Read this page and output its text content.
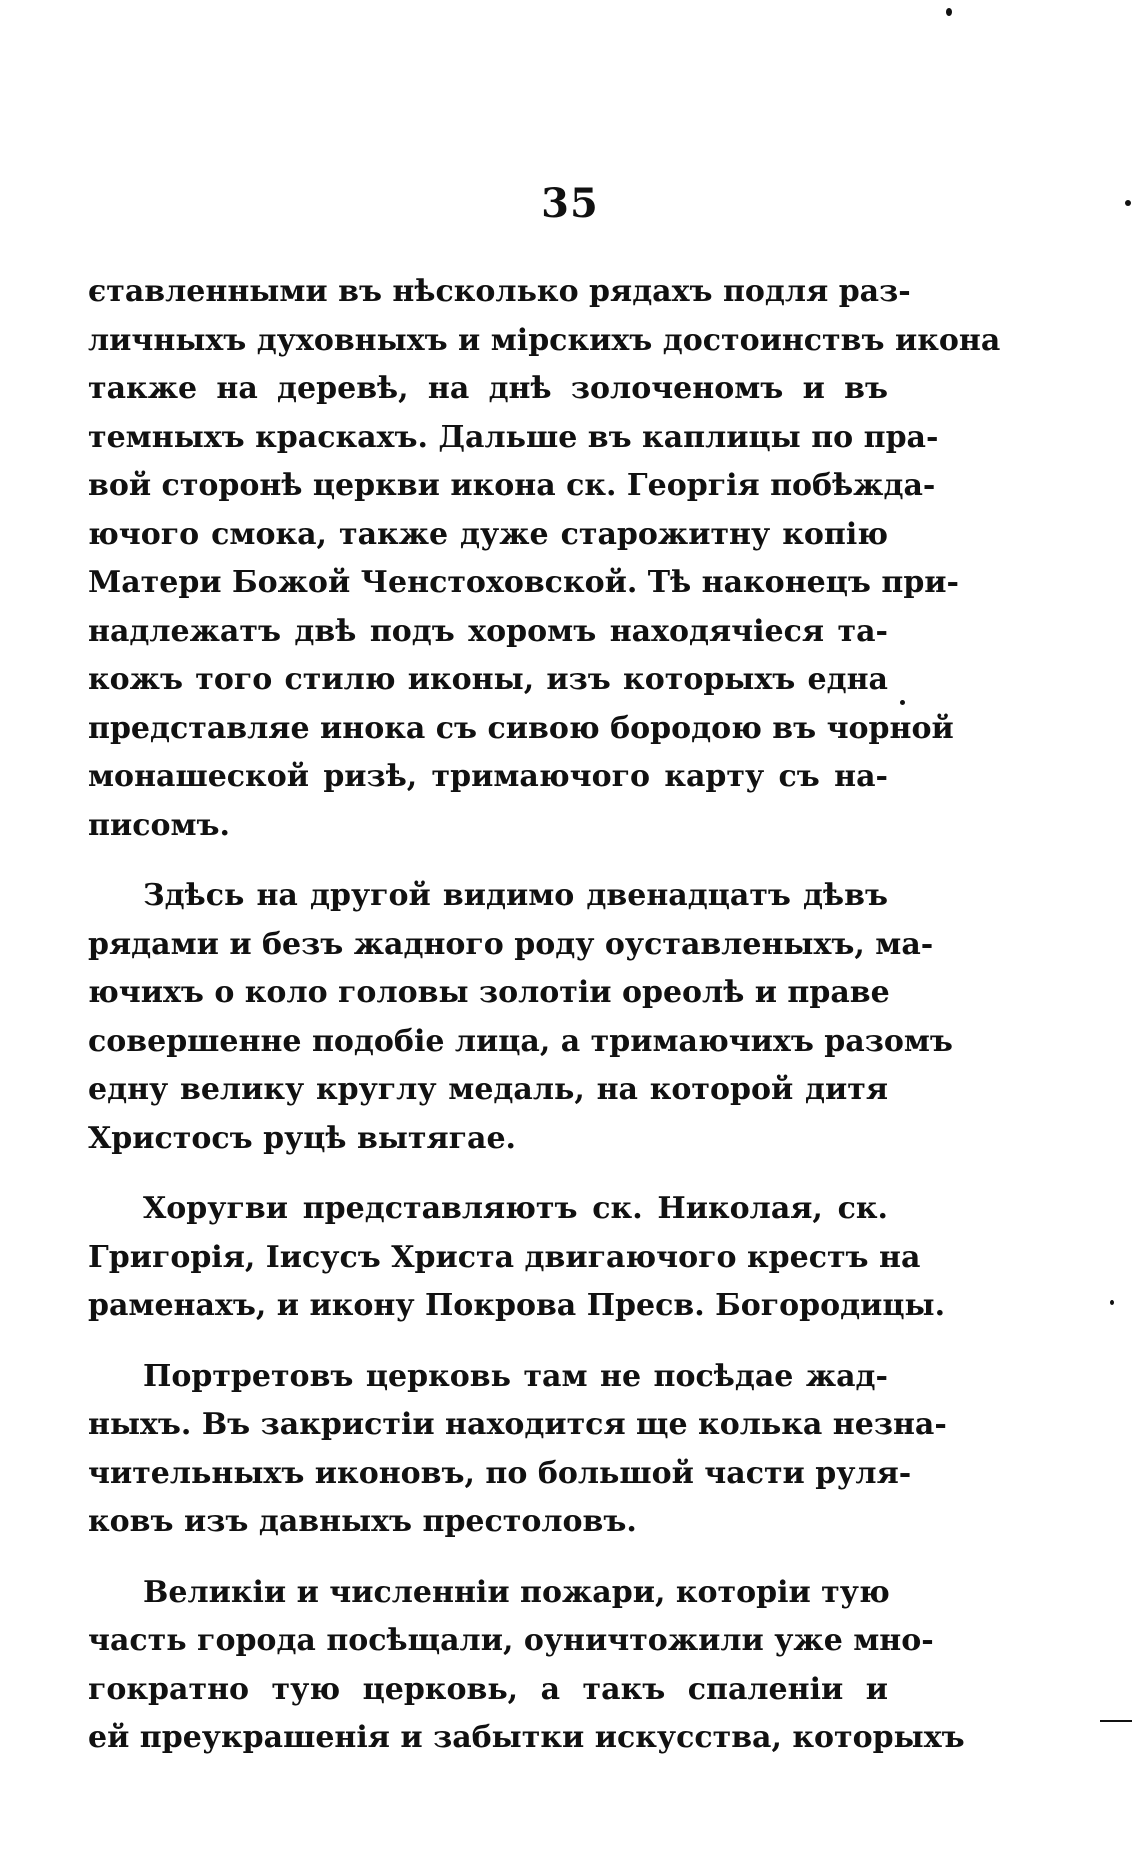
35
єтавленными въ нѣсколько рядахъ подля раз-
личныхъ духовныхъ и мірскихъ достоинствъ икона
также на деревѣ, на днѣ золоченомъ и въ
темныхъ краскахъ. Дальше въ каплицы по пра-
вой сторонѣ церкви икона ск. Георгія побѣжда-
ючого смока, также дуже старожитну копію
Матери Божой Ченстоховской. Тѣ наконецъ при-
надлежатъ двѣ подъ хоромъ находячіеся та-
кожъ того стилю иконы, изъ которыхъ една
представляе инока съ сивою бородою въ чорной
монашеской ризѣ, тримаючого карту съ на-
писомъ.
Здѣсь на другой видимо двенадцатъ дѣвъ
рядами и безъ жадного роду оуставленыхъ, ма-
ючихъ о коло головы золотіи ореолѣ и праве
совершенне подобіе лица, а тримаючихъ разомъ
едну велику круглу медаль, на которой дитя
Христосъ руцѣ вытягае.
Хоругви представляютъ ск. Николая, ск.
Григорія, Іисусъ Христа двигаючого крестъ на
раменахъ, и икону Покрова Пресв. Богородицы.
Портретовъ церковь там не посѣдае жад-
ныхъ. Въ закристіи находится ще колька незна-
чительныхъ иконовъ, по большой части руля-
ковъ изъ давныхъ престоловъ.
Великіи и численніи пожари, которіи тую
часть города посѣщали, оуничтожили уже мно-
гократно тую церковь, а такъ спаленіи и
ей преукрашенія и забытки искусства, которыхъ
